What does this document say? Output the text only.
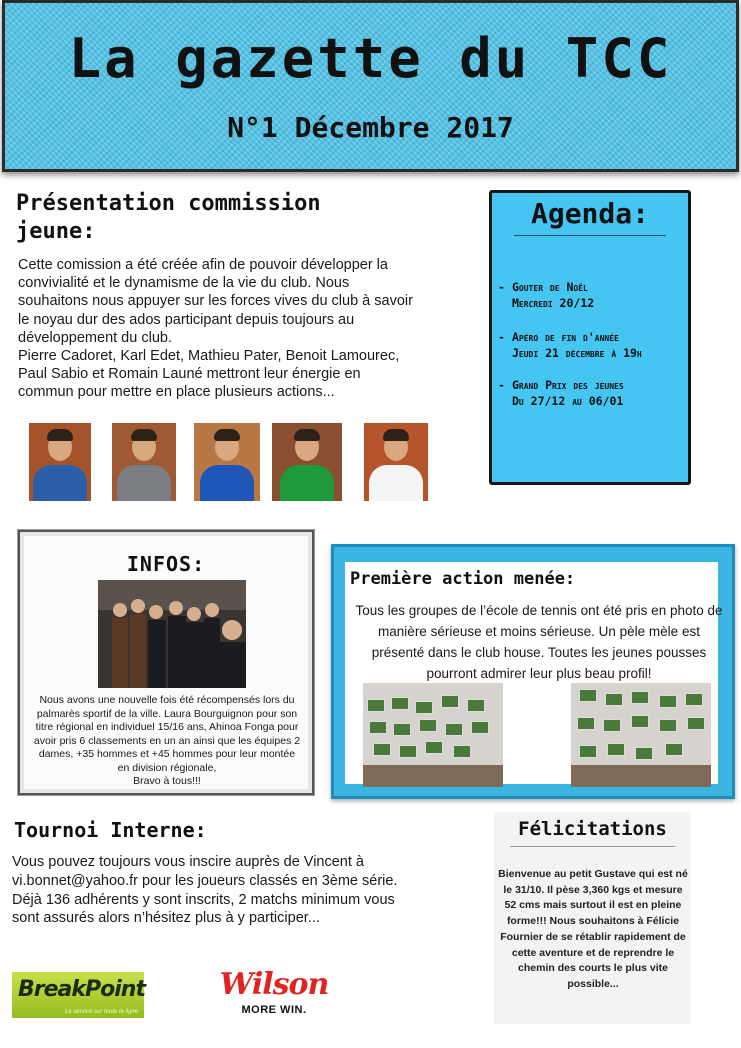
La gazette du TCC
N°1 Décembre 2017
Présentation commission jeune:

Cette comission a été créée afin de pouvoir développer la convivialité et le dynamisme de la vie du club. Nous souhaitons nous appuyer sur les forces vives du club à savoir le noyau dur des ados participant depuis toujours au développement du club.

Pierre Cadoret, Karl Edet, Mathieu Pater, Benoit Lamourec, Paul Sabio et Romain Launé mettront leur énergie en commun pour mettre en place plusieurs actions...

Agenda:
- Gouter de Noël
Mercredi 20/12
- Apéro de fin d'année
Jeudi 21 décembre à 19h
- Grand Prix des jeunes
Du 27/12 au 06/01
INFOS:
Nous avons une nouvelle fois été récompensés lors du palmarès sportif de la ville. Laura Bourguignon pour son titre régional en individuel 15/16 ans, Ahinoa Fonga pour avoir pris 6 classements en un an ainsi que les équipes 2 dames, +35 hommes et +45 hommes pour leur montée en division régionale,
Bravo à tous!!!
Première action menée:
Tous les groupes de l’école de tennis ont été pris en photo de manière sérieuse et moins sérieuse. Un pèle mèle est présenté dans le club house. Toutes les jeunes pousses pourront admirer leur plus beau profil!
Tournoi Interne:
Vous pouvez toujours vous inscire auprès de Vincent à vi.bonnet@yahoo.fr pour les joueurs classés en 3ème série. Déjà 136 adhérents y sont inscrits, 2 matchs minimum vous sont assurés alors n’hésitez plus à y participer...
Félicitations
Bienvenue au petit Gustave qui est né le 31/10. Il pèse 3,360 kgs et mesure 52 cms mais surtout il est en pleine forme!!! Nous souhaitons à Félicie Fournier de se rétablir rapidement de cette aventure et de reprendre le chemin des courts le plus vite possible...
BreakPoint
Le service sur toute la ligne
Wilson
MORE WIN.
